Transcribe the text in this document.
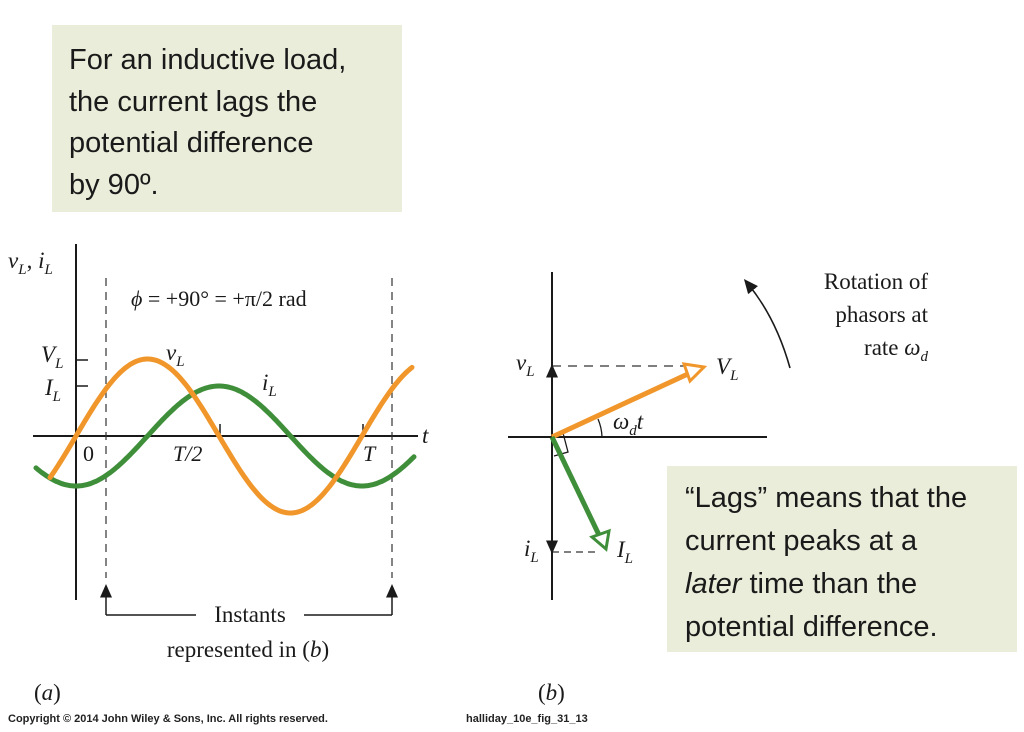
For an inductive load,
the current lags the
potential difference
by 90º.
“Lags” means that the
current peaks at a
later time than the
potential difference.
$v_L$, $i_L$
t
ϕ = +90° = +π/2 rad
$V_L$
$I_L$
$v_L$
$i_L$
0	T/2	T
Instants
represented in (b)
(a)
$v_L$
$i_L$
$V_L$
$I_L$
$\omega_dt$
Rotation of
phasors at
rate $\omega_d$
(b)
Copyright © 2014 John Wiley & Sons, Inc. All rights reserved.	halliday_10e_fig_31_13
